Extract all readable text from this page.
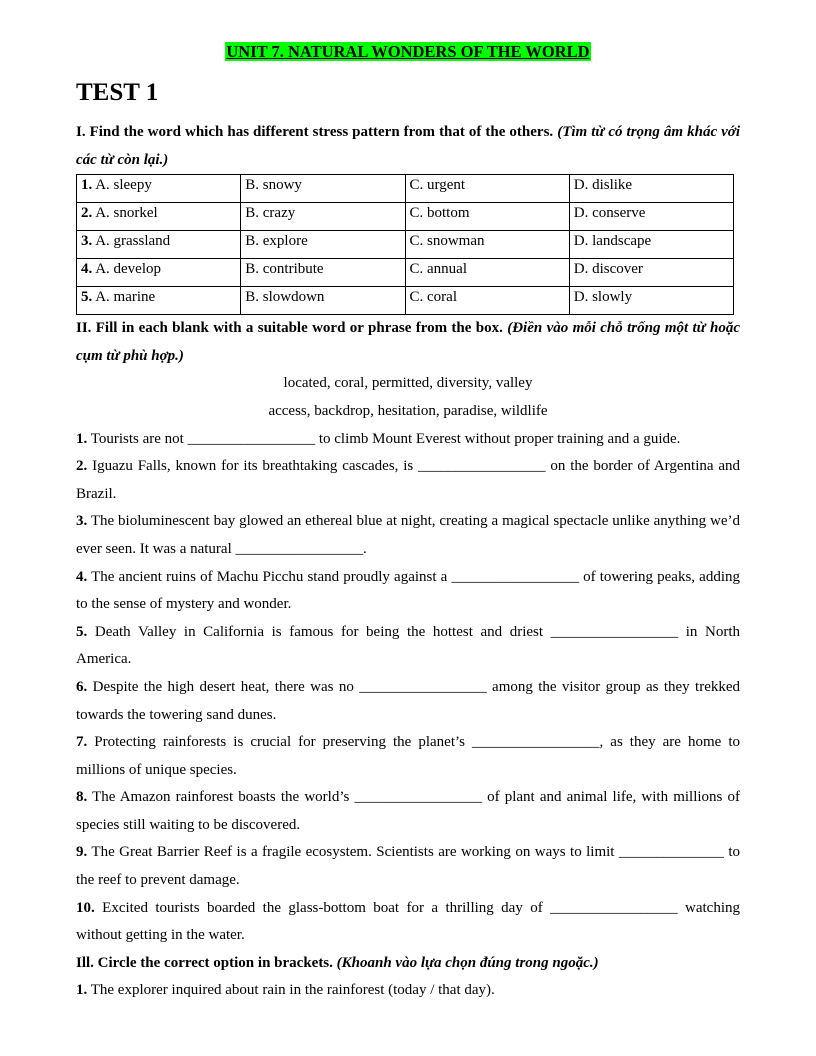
UNIT 7. NATURAL WONDERS OF THE WORLD

TEST 1

I. Find the word which has different stress pattern from that of the others. (Tìm từ có trọng âm khác với các từ còn lại.)

1. A. sleepy	B. snowy	C. urgent	D. dislike
2. A. snorkel	B. crazy	C. bottom	D. conserve
3. A. grassland	B. explore	C. snowman	D. landscape
4. A. develop	B. contribute	C. annual	D. discover
5. A. marine	B. slowdown	C. coral	D. slowly

II. Fill in each blank with a suitable word or phrase from the box. (Điền vào mỗi chỗ trống một từ hoặc cụm từ phù hợp.)

located, coral, permitted, diversity, valley

access, backdrop, hesitation, paradise, wildlife

1. Tourists are not _________________ to climb Mount Everest without proper training and a guide.

2. Iguazu Falls, known for its breathtaking cascades, is _________________ on the border of Argentina and Brazil.

3. The bioluminescent bay glowed an ethereal blue at night, creating a magical spectacle unlike anything we’d ever seen. It was a natural _________________.

4. The ancient ruins of Machu Picchu stand proudly against a _________________ of towering peaks, adding to the sense of mystery and wonder.

5. Death Valley in California is famous for being the hottest and driest _________________ in North America.

6. Despite the high desert heat, there was no _________________ among the visitor group as they trekked towards the towering sand dunes.

7. Protecting rainforests is crucial for preserving the planet’s _________________, as they are home to millions of unique species.

8. The Amazon rainforest boasts the world’s _________________ of plant and animal life, with millions of species still waiting to be discovered.

9. The Great Barrier Reef is a fragile ecosystem. Scientists are working on ways to limit ______________ to the reef to prevent damage.

10. Excited tourists boarded the glass-bottom boat for a thrilling day of _________________ watching without getting in the water.

Ill. Circle the correct option in brackets. (Khoanh vào lựa chọn đúng trong ngoặc.)

1. The explorer inquired about rain in the rainforest (today / that day).
